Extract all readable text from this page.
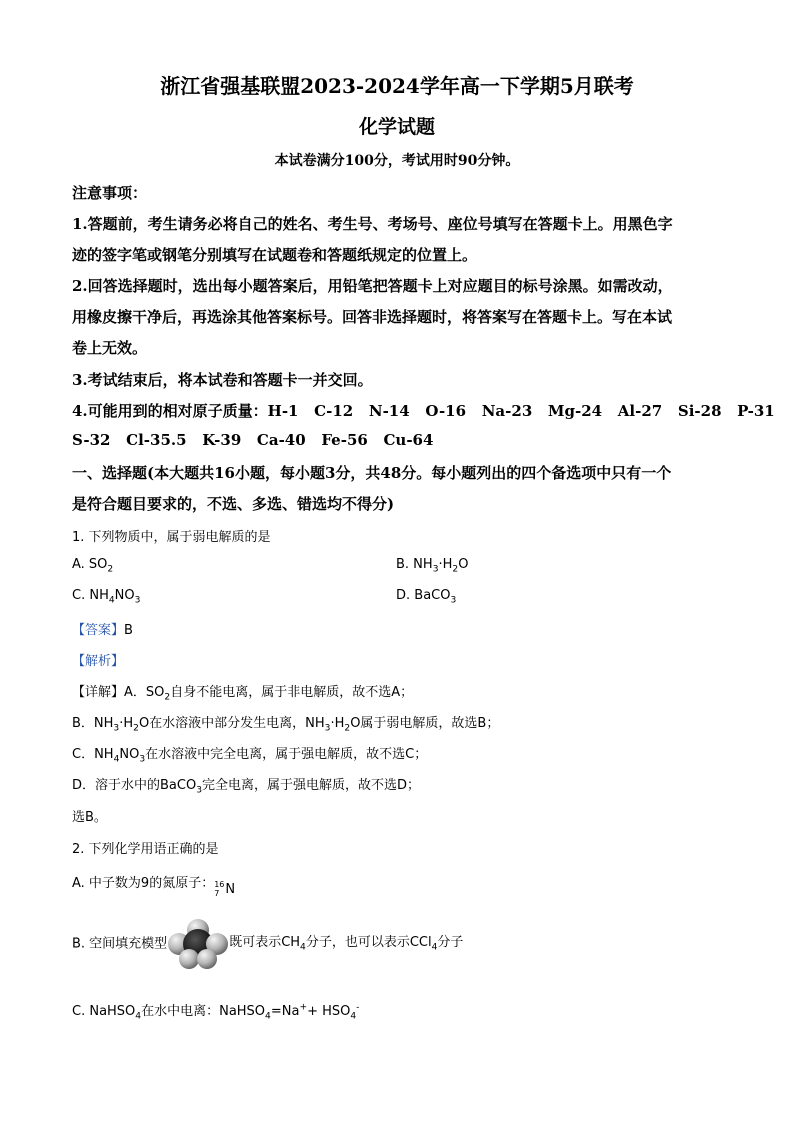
浙江省强基联盟2023-2024学年高一下学期5月联考
化学试题
本试卷满分100分，考试用时90分钟。
注意事项：
1.答题前，考生请务必将自己的姓名、考生号、考场号、座位号填写在答题卡上。用黑色字
迹的签字笔或钢笔分别填写在试题卷和答题纸规定的位置上。
2.回答选择题时，选出每小题答案后，用铅笔把答题卡上对应题目的标号涂黑。如需改动，
用橡皮擦干净后，再选涂其他答案标号。回答非选择题时，将答案写在答题卡上。写在本试
卷上无效。
3.考试结束后，将本试卷和答题卡一并交回。
4.可能用到的相对原子质量：H-1   C-12   N-14   O-16   Na-23   Mg-24   Al-27   Si-28   P-31
S-32   Cl-35.5   K-39   Ca-40   Fe-56   Cu-64
一、选择题(本大题共16小题，每小题3分，共48分。每小题列出的四个备选项中只有一个
是符合题目要求的，不选、多选、错选均不得分)
1. 下列物质中，属于弱电解质的是
A. $SO_2$	B. $NH_3\cdot H_2O$
C. $NH_4NO_3$	D. BaCO$_3$
【答案】B
【解析】
【详解】A．$SO_2$自身不能电离，属于非电解质，故不选A；
B．$NH_3\cdot H_2O$在水溶液中部分发生电离，$NH_3\cdot H_2O$属于弱电解质，故选B；
C．$NH_4NO_3$在水溶液中完全电离，属于强电解质，故不选C；
D．溶于水中的BaCO$_3$完全电离，属于强电解质，故不选D；
选B。
2. 下列化学用语正确的是
A. 中子数为9的氮原子： 16
7 N
B. 空间填充模型	既可表示$CH_4$分子，也可以表示CCl$_4$分子
C. NaHSO$_4$在水中电离：NaHSO$_4$=Na++ $HSO_4^-$
